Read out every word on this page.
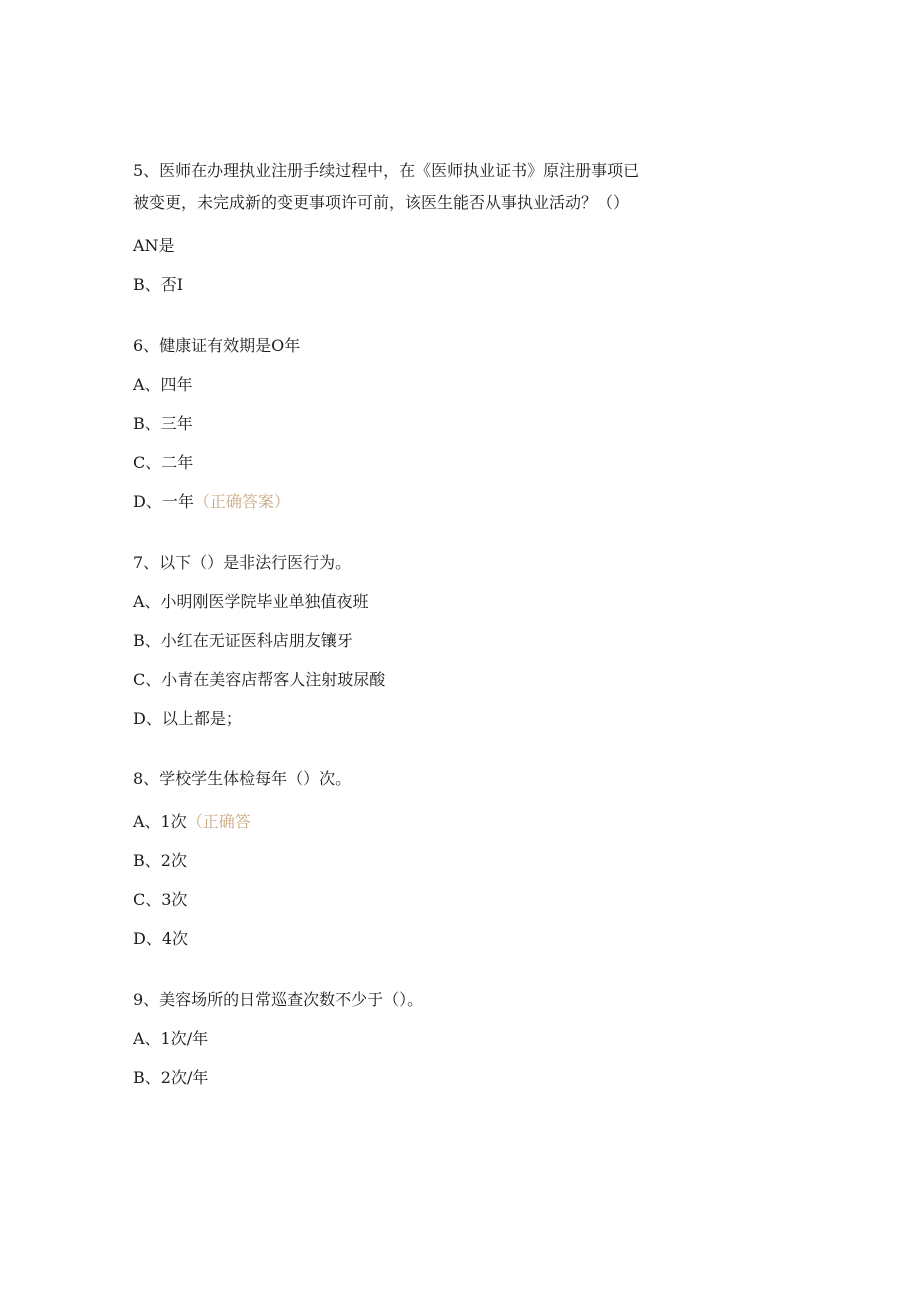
5、医师在办理执业注册手续过程中，在《医师执业证书》原注册事项已
被变更，未完成新的变更事项许可前，该医生能否从事执业活动？（）
AN是
B、否I
6、健康证有效期是O年
A、四年
B、三年
C、二年
D、一年（正确答案）
7、以下（）是非法行医行为。
A、小明刚医学院毕业单独值夜班
B、小红在无证医科店朋友镶牙
C、小青在美容店帮客人注射玻尿酸
D、以上都是；
8、学校学生体检每年（）次。
A、1次（正确答
B、2次
C、3次
D、4次
9、美容场所的日常巡查次数不少于（）。
A、1次/年
B、2次/年
